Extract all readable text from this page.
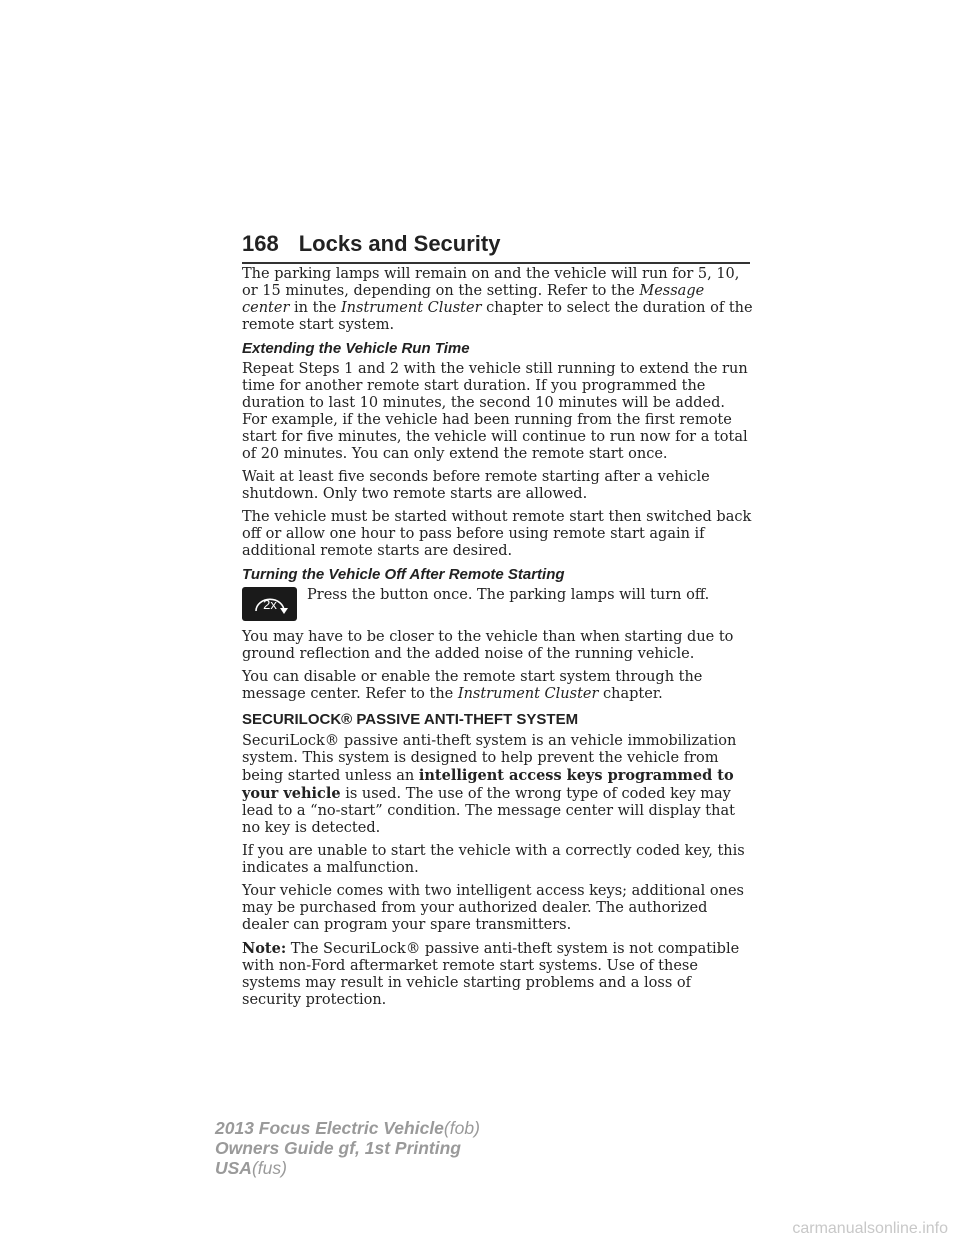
168 Locks and Security

The parking lamps will remain on and the vehicle will run for 5, 10, or 15 minutes, depending on the setting. Refer to the Message center in the Instrument Cluster chapter to select the duration of the remote start system.

Extending the Vehicle Run Time

Repeat Steps 1 and 2 with the vehicle still running to extend the run time for another remote start duration. If you programmed the duration to last 10 minutes, the second 10 minutes will be added. For example, if the vehicle had been running from the first remote start for five minutes, the vehicle will continue to run now for a total of 20 minutes. You can only extend the remote start once.

Wait at least five seconds before remote starting after a vehicle shutdown. Only two remote starts are allowed.

The vehicle must be started without remote start then switched back off or allow one hour to pass before using remote start again if additional remote starts are desired.

Turning the Vehicle Off After Remote Starting
2x

Press the button once. The parking lamps will turn off.

You may have to be closer to the vehicle than when starting due to ground reflection and the added noise of the running vehicle.

You can disable or enable the remote start system through the message center. Refer to the Instrument Cluster chapter.

SECURILOCK® PASSIVE ANTI-THEFT SYSTEM

SecuriLock® passive anti-theft system is an vehicle immobilization system. This system is designed to help prevent the vehicle from being started unless an intelligent access keys programmed to your vehicle is used. The use of the wrong type of coded key may lead to a “no-start” condition. The message center will display that no key is detected.

If you are unable to start the vehicle with a correctly coded key, this indicates a malfunction.

Your vehicle comes with two intelligent access keys; additional ones may be purchased from your authorized dealer. The authorized dealer can program your spare transmitters.

Note: The SecuriLock® passive anti-theft system is not compatible with non-Ford aftermarket remote start systems. Use of these systems may result in vehicle starting problems and a loss of security protection.

2013 Focus Electric Vehicle(fob)
Owners Guide gf, 1st Printing
USA(fus)
carmanualsonline.info
